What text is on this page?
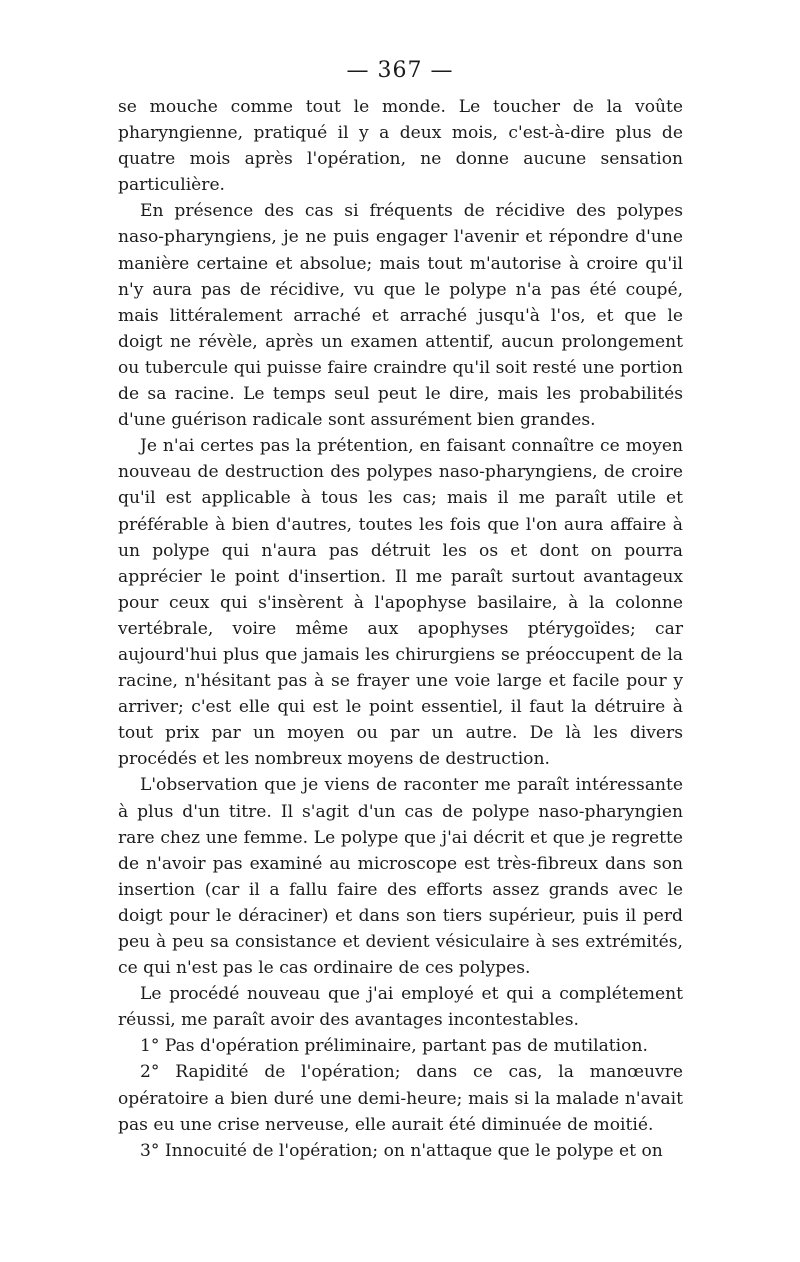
— 367 —

se mouche comme tout le monde. Le toucher de la voûte pharyngienne, pratiqué il y a deux mois, c'est-à-dire plus de quatre mois après l'opération, ne donne aucune sensation particulière.

En présence des cas si fréquents de récidive des polypes naso-pharyngiens, je ne puis engager l'avenir et répondre d'une manière certaine et absolue; mais tout m'autorise à croire qu'il n'y aura pas de récidive, vu que le polype n'a pas été coupé, mais littéralement arraché et arraché jusqu'à l'os, et que le doigt ne révèle, après un examen attentif, aucun prolongement ou tubercule qui puisse faire craindre qu'il soit resté une portion de sa racine. Le temps seul peut le dire, mais les probabilités d'une guérison radicale sont assurément bien grandes.

Je n'ai certes pas la prétention, en faisant connaître ce moyen nouveau de destruction des polypes naso-pharyngiens, de croire qu'il est applicable à tous les cas; mais il me paraît utile et préférable à bien d'autres, toutes les fois que l'on aura affaire à un polype qui n'aura pas détruit les os et dont on pourra apprécier le point d'insertion. Il me paraît surtout avantageux pour ceux qui s'insèrent à l'apophyse basilaire, à la colonne vertébrale, voire même aux apophyses ptérygoïdes; car aujourd'hui plus que jamais les chirurgiens se préoccupent de la racine, n'hésitant pas à se frayer une voie large et facile pour y arriver; c'est elle qui est le point essentiel, il faut la détruire à tout prix par un moyen ou par un autre. De là les divers procédés et les nombreux moyens de destruction.

L'observation que je viens de raconter me paraît intéressante à plus d'un titre. Il s'agit d'un cas de polype naso-pharyngien rare chez une femme. Le polype que j'ai décrit et que je regrette de n'avoir pas examiné au microscope est très-fibreux dans son insertion (car il a fallu faire des efforts assez grands avec le doigt pour le déraciner) et dans son tiers supérieur, puis il perd peu à peu sa consistance et devient vésiculaire à ses extrémités, ce qui n'est pas le cas ordinaire de ces polypes.

Le procédé nouveau que j'ai employé et qui a complétement réussi, me paraît avoir des avantages incontestables.

1° Pas d'opération préliminaire, partant pas de mutilation.

2° Rapidité de l'opération; dans ce cas, la manœuvre opératoire a bien duré une demi-heure; mais si la malade n'avait pas eu une crise nerveuse, elle aurait été diminuée de moitié.

3° Innocuité de l'opération; on n'attaque que le polype et on
